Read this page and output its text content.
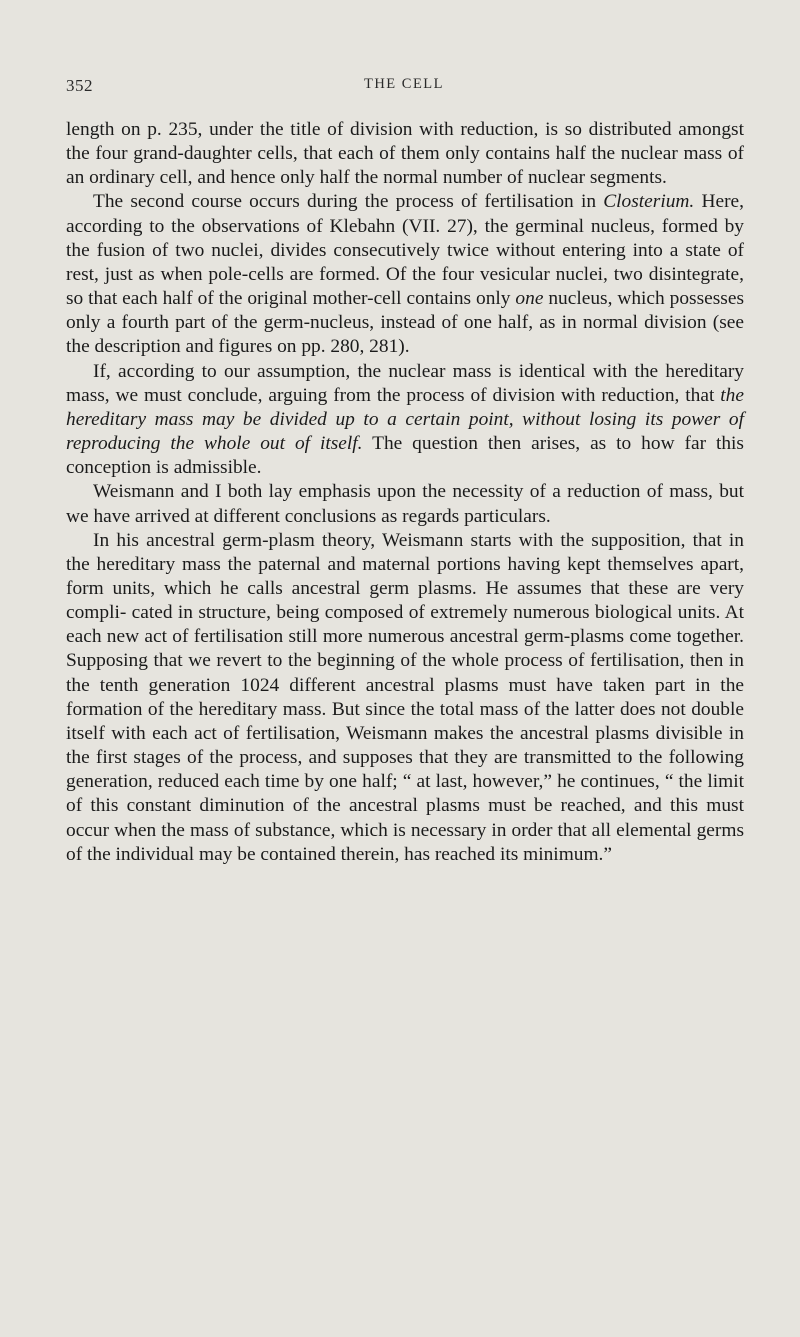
352	THE CELL

length on p. 235, under the title of division with reduction, is so distributed amongst the four grand-daughter cells, that each of them only contains half the nuclear mass of an ordinary cell, and hence only half the normal number of nuclear segments.

The second course occurs during the process of fertilisation in Closterium. Here, according to the observations of Klebahn (VII. 27), the germinal nucleus, formed by the fusion of two nuclei, divides consecutively twice without entering into a state of rest, just as when pole-cells are formed. Of the four vesicular nuclei, two disintegrate, so that each half of the original mother-cell contains only one nucleus, which possesses only a fourth part of the germ-nucleus, instead of one half, as in normal division (see the description and figures on pp. 280, 281).

If, according to our assumption, the nuclear mass is identical with the hereditary mass, we must conclude, arguing from the process of division with reduction, that the hereditary mass may be divided up to a certain point, without losing its power of reproducing the whole out of itself. The question then arises, as to how far this conception is admissible.

Weismann and I both lay emphasis upon the necessity of a reduction of mass, but we have arrived at different conclusions as regards particulars.

In his ancestral germ-plasm theory, Weismann starts with the supposition, that in the hereditary mass the paternal and maternal portions having kept themselves apart, form units, which he calls ancestral germ plasms. He assumes that these are very compli- cated in structure, being composed of extremely numerous biological units. At each new act of fertilisation still more numerous ancestral germ-plasms come together. Supposing that we revert to the beginning of the whole process of fertilisation, then in the tenth generation 1024 different ancestral plasms must have taken part in the formation of the hereditary mass. But since the total mass of the latter does not double itself with each act of fertilisation, Weismann makes the ancestral plasms divisible in the first stages of the process, and supposes that they are transmitted to the following generation, reduced each time by one half; “ at last, however,” he continues, “ the limit of this constant diminution of the ancestral plasms must be reached, and this must occur when the mass of substance, which is necessary in order that all elemental germs of the individual may be contained therein, has reached its minimum.”
